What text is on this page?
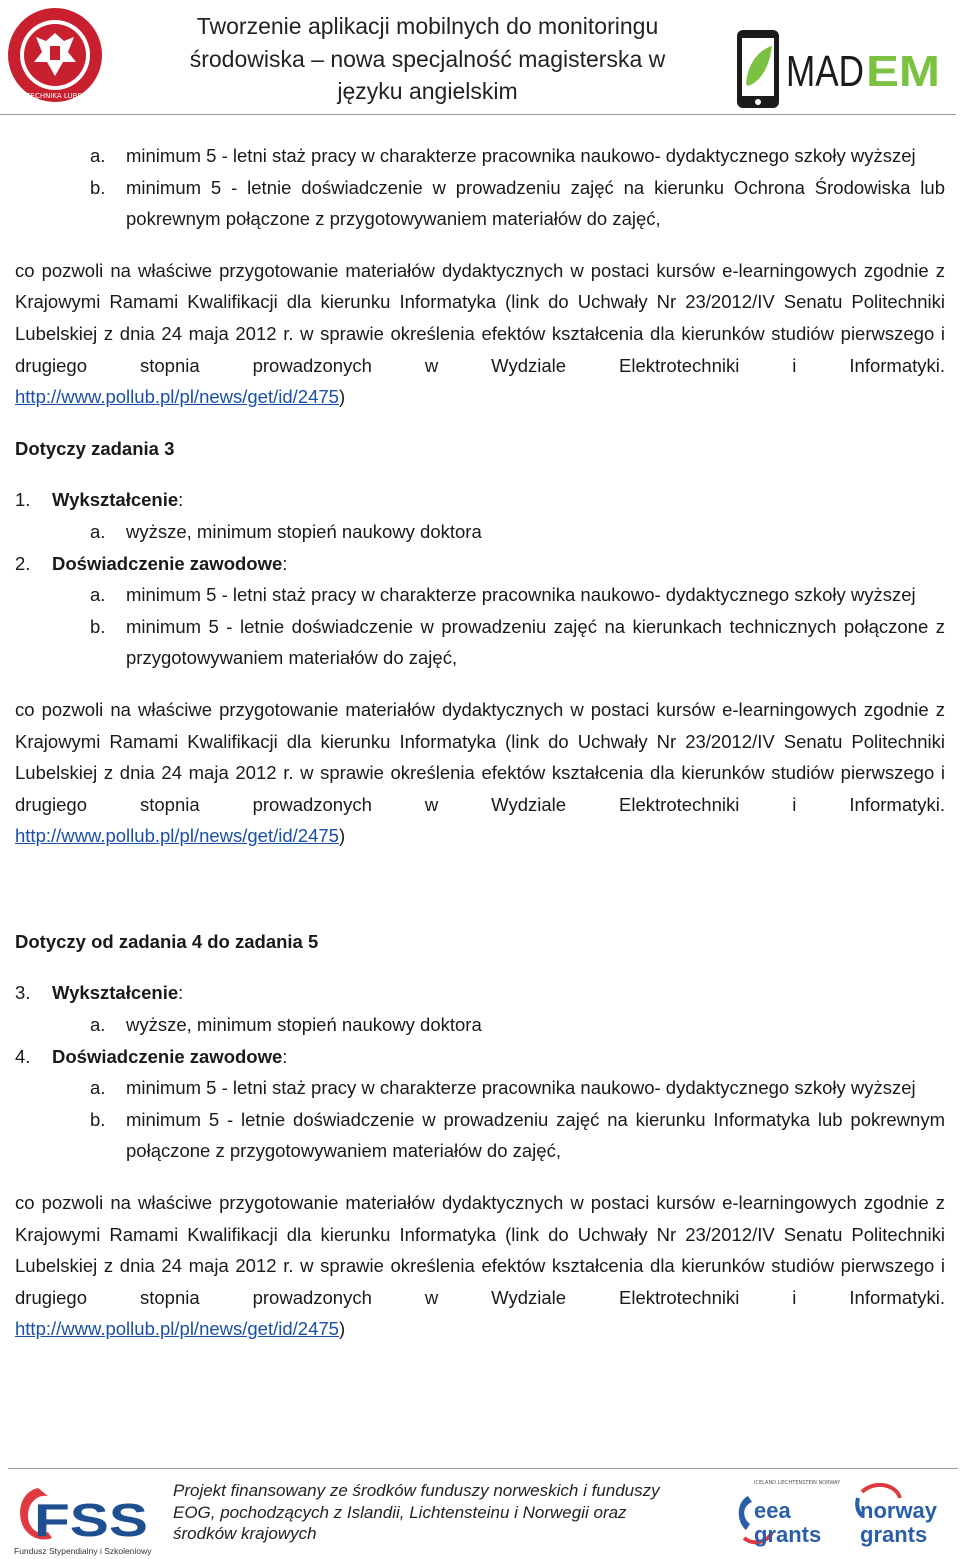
POLITECHNIKA LUBELSKA
Tworzenie aplikacji mobilnych do monitoringu
środowiska – nowa specjalność magisterska w
języku angielskim	MAD EM
a.	minimum 5 - letni staż pracy w charakterze pracownika naukowo- dydaktycznego szkoły wyższej
b.	minimum 5 - letnie doświadczenie w prowadzeniu zajęć na kierunku Ochrona Środowiska lub pokrewnym połączone z przygotowywaniem materiałów do zajęć,

co pozwoli na właściwe przygotowanie materiałów dydaktycznych w postaci kursów e-learningowych zgodnie z Krajowymi Ramami Kwalifikacji dla kierunku Informatyka (link do Uchwały Nr 23/2012/IV Senatu Politechniki Lubelskiej z dnia 24 maja 2012 r. w sprawie określenia efektów kształcenia dla kierunków studiów pierwszego i drugiego stopnia prowadzonych w Wydziale Elektrotechniki i Informatyki. http://www.pollub.pl/pl/news/get/id/2475)

Dotyczy zadania 3

1.	Wykształcenie:
a.	wyższe, minimum stopień naukowy doktora
2.	Doświadczenie zawodowe:
a.	minimum 5 - letni staż pracy w charakterze pracownika naukowo- dydaktycznego szkoły wyższej
b.	minimum 5 - letnie doświadczenie w prowadzeniu zajęć na kierunkach technicznych połączone z przygotowywaniem materiałów do zajęć,

co pozwoli na właściwe przygotowanie materiałów dydaktycznych w postaci kursów e-learningowych zgodnie z Krajowymi Ramami Kwalifikacji dla kierunku Informatyka (link do Uchwały Nr 23/2012/IV Senatu Politechniki Lubelskiej z dnia 24 maja 2012 r. w sprawie określenia efektów kształcenia dla kierunków studiów pierwszego i drugiego stopnia prowadzonych w Wydziale Elektrotechniki i Informatyki. http://www.pollub.pl/pl/news/get/id/2475)

Dotyczy od zadania 4 do zadania 5

3.	Wykształcenie:
a.	wyższe, minimum stopień naukowy doktora
4.	Doświadczenie zawodowe:
a.	minimum 5 - letni staż pracy w charakterze pracownika naukowo- dydaktycznego szkoły wyższej
b.	minimum 5 - letnie doświadczenie w prowadzeniu zajęć na kierunku Informatyka lub pokrewnym połączone z przygotowywaniem materiałów do zajęć,

co pozwoli na właściwe przygotowanie materiałów dydaktycznych w postaci kursów e-learningowych zgodnie z Krajowymi Ramami Kwalifikacji dla kierunku Informatyka (link do Uchwały Nr 23/2012/IV Senatu Politechniki Lubelskiej z dnia 24 maja 2012 r. w sprawie określenia efektów kształcenia dla kierunków studiów pierwszego i drugiego stopnia prowadzonych w Wydziale Elektrotechniki i Informatyki. http://www.pollub.pl/pl/news/get/id/2475)

FSS
Fundusz Stypendialny i Szkoleniowy
Projekt finansowany ze środków funduszy norweskich i funduszy
EOG, pochodzących z Islandii, Lichtensteinu i Norwegii oraz
środków krajowych
ICELAND LIECHTENSTEIN NORWAY
eea
grants
norway
grants
